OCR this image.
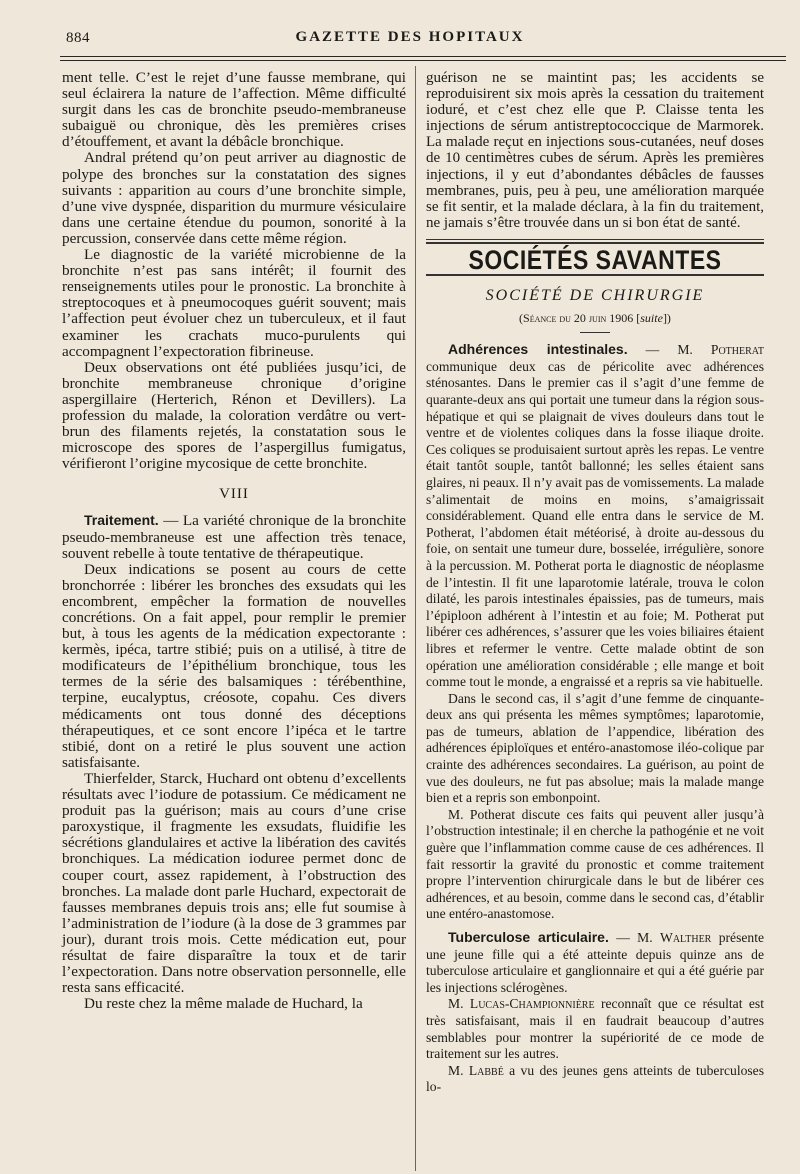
884	GAZETTE DES HOPITAUX

ment telle. C’est le rejet d’une fausse membrane, qui seul éclairera la nature de l’affection. Même difficulté surgit dans les cas de bronchite pseudo-membraneuse subaiguë ou chronique, dès les premières crises d’étouffement, et avant la débâcle bronchique.

Andral prétend qu’on peut arriver au diagnostic de polype des bronches sur la constatation des signes suivants : apparition au cours d’une bronchite simple, d’une vive dyspnée, disparition du murmure vésiculaire dans une certaine étendue du poumon, sonorité à la percussion, conservée dans cette même région.

Le diagnostic de la variété microbienne de la bronchite n’est pas sans intérêt; il fournit des renseignements utiles pour le pronostic. La bronchite à streptocoques et à pneumocoques guérit souvent; mais l’affection peut évoluer chez un tuberculeux, et il faut examiner les crachats muco-purulents qui accompagnent l’expectoration fibrineuse.

Deux observations ont été publiées jusqu’ici, de bronchite membraneuse chronique d’origine aspergillaire (Herterich, Rénon et Devillers). La profession du malade, la coloration verdâtre ou vert-brun des filaments rejetés, la constatation sous le microscope des spores de l’aspergillus fumigatus, vérifieront l’origine mycosique de cette bronchite.

VIII

Traitement. — La variété chronique de la bronchite pseudo-membraneuse est une affection très tenace, souvent rebelle à toute tentative de thérapeutique.

Deux indications se posent au cours de cette bronchorrée : libérer les bronches des exsudats qui les encombrent, empêcher la formation de nouvelles concrétions. On a fait appel, pour remplir le premier but, à tous les agents de la médication expectorante : kermès, ipéca, tartre stibié; puis on a utilisé, à titre de modificateurs de l’épithélium bronchique, tous les termes de la série des balsamiques : térébenthine, terpine, eucalyptus, créosote, copahu. Ces divers médicaments ont tous donné des déceptions thérapeutiques, et ce sont encore l’ipéca et le tartre stibié, dont on a retiré le plus souvent une action satisfaisante.

Thierfelder, Starck, Huchard ont obtenu d’excellents résultats avec l’iodure de potassium. Ce médicament ne produit pas la guérison; mais au cours d’une crise paroxystique, il fragmente les exsudats, fluidifie les sécrétions glandulaires et active la libération des cavités bronchiques. La médication ioduree permet donc de couper court, assez rapidement, à l’obstruction des bronches. La malade dont parle Huchard, expectorait de fausses membranes depuis trois ans; elle fut soumise à l’administration de l’iodure (à la dose de 3 grammes par jour), durant trois mois. Cette médication eut, pour résultat de faire disparaître la toux et de tarir l’expectoration. Dans notre observation personnelle, elle resta sans efficacité.

Du reste chez la même malade de Huchard, la

guérison ne se maintint pas; les accidents se reproduisirent six mois après la cessation du traitement ioduré, et c’est chez elle que P. Claisse tenta les injections de sérum antistreptococcique de Marmorek. La malade reçut en injections sous-cutanées, neuf doses de 10 centimètres cubes de sérum. Après les premières injections, il y eut d’abondantes débâcles de fausses membranes, puis, peu à peu, une amélioration marquée se fit sentir, et la malade déclara, à la fin du traitement, ne jamais s’être trouvée dans un si bon état de santé.

SOCIÉTÉS SAVANTES
SOCIÉTÉ DE CHIRURGIE
(Séance du 20 juin 1906 [suite])

Adhérences intestinales. — M. Potherat communique deux cas de péricolite avec adhérences sténosantes. Dans le premier cas il s’agit d’une femme de quarante-deux ans qui portait une tumeur dans la région sous-hépatique et qui se plaignait de vives douleurs dans tout le ventre et de violentes coliques dans la fosse iliaque droite. Ces coliques se produisaient surtout après les repas. Le ventre était tantôt souple, tantôt ballonné; les selles étaient sans glaires, ni peaux. Il n’y avait pas de vomissements. La malade s’alimentait de moins en moins, s’amaigrissait considérablement. Quand elle entra dans le service de M. Potherat, l’abdomen était météorisé, à droite au-dessous du foie, on sentait une tumeur dure, bosselée, irrégulière, sonore à la percussion. M. Potherat porta le diagnostic de néoplasme de l’intestin. Il fit une laparotomie latérale, trouva le colon dilaté, les parois intestinales épaissies, pas de tumeurs, mais l’épiploon adhérent à l’intestin et au foie; M. Potherat put libérer ces adhérences, s’assurer que les voies biliaires étaient libres et refermer le ventre. Cette malade obtint de son opération une amélioration considérable ; elle mange et boit comme tout le monde, a engraissé et a repris sa vie habituelle.

Dans le second cas, il s’agit d’une femme de cinquante-deux ans qui présenta les mêmes symptômes; laparotomie, pas de tumeurs, ablation de l’appendice, libération des adhérences épiploïques et entéro-anastomose iléo-colique par crainte des adhérences secondaires. La guérison, au point de vue des douleurs, ne fut pas absolue; mais la malade mange bien et a repris son embonpoint.

M. Potherat discute ces faits qui peuvent aller jusqu’à l’obstruction intestinale; il en cherche la pathogénie et ne voit guère que l’inflammation comme cause de ces adhérences. Il fait ressortir la gravité du pronostic et comme traitement propre l’intervention chirurgicale dans le but de libérer ces adhérences, et au besoin, comme dans le second cas, d’établir une entéro-anastomose.

Tuberculose articulaire. — M. Walther présente une jeune fille qui a été atteinte depuis quinze ans de tuberculose articulaire et ganglionnaire et qui a été guérie par les injections sclérogènes.

M. Lucas-Championnière reconnaît que ce résultat est très satisfaisant, mais il en faudrait beaucoup d’autres semblables pour montrer la supériorité de ce mode de traitement sur les autres.

M. Labbé a vu des jeunes gens atteints de tuberculoses lo-
